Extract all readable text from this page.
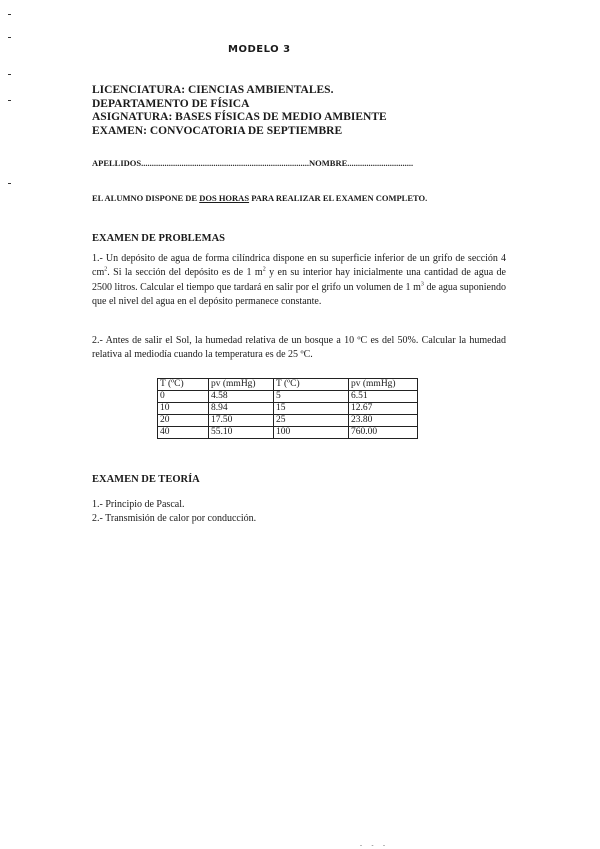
MODELO 3
LICENCIATURA: CIENCIAS AMBIENTALES.
DEPARTAMENTO DE FÍSICA
ASIGNATURA: BASES FÍSICAS DE MEDIO AMBIENTE
EXAMEN: CONVOCATORIA DE SEPTIEMBRE
APELLIDOS...............................................................................NOMBRE...............................
EL ALUMNO DISPONE DE DOS HORAS PARA REALIZAR EL EXAMEN COMPLETO.
EXAMEN DE PROBLEMAS
1.- Un depósito de agua de forma cilíndrica dispone en su superficie inferior de un grifo de sección 4 $cm^2$. Si la sección del depósito es de 1 $m^2$ y en su interior hay inicialmente una cantidad de agua de 2500 litros. Calcular el tiempo que tardará en salir por el grifo un volumen de 1 $m^3$ de agua suponiendo que el nivel del agua en el depósito permanece constante.
2.- Antes de salir el Sol, la humedad relativa de un bosque a 10 ºC es del 50%. Calcular la humedad relativa al mediodía cuando la temperatura es de 25 ºC.
T (ºC)	pv (mmHg)	T (ºC)	pv (mmHg)
0	4.58	5	6.51
10	8.94	15	12.67
20	17.50	25	23.80
40	55.10	100	760.00
EXAMEN DE TEORÍA
1.- Principio de Pascal.
2.- Transmisión de calor por conducción.
- - -
